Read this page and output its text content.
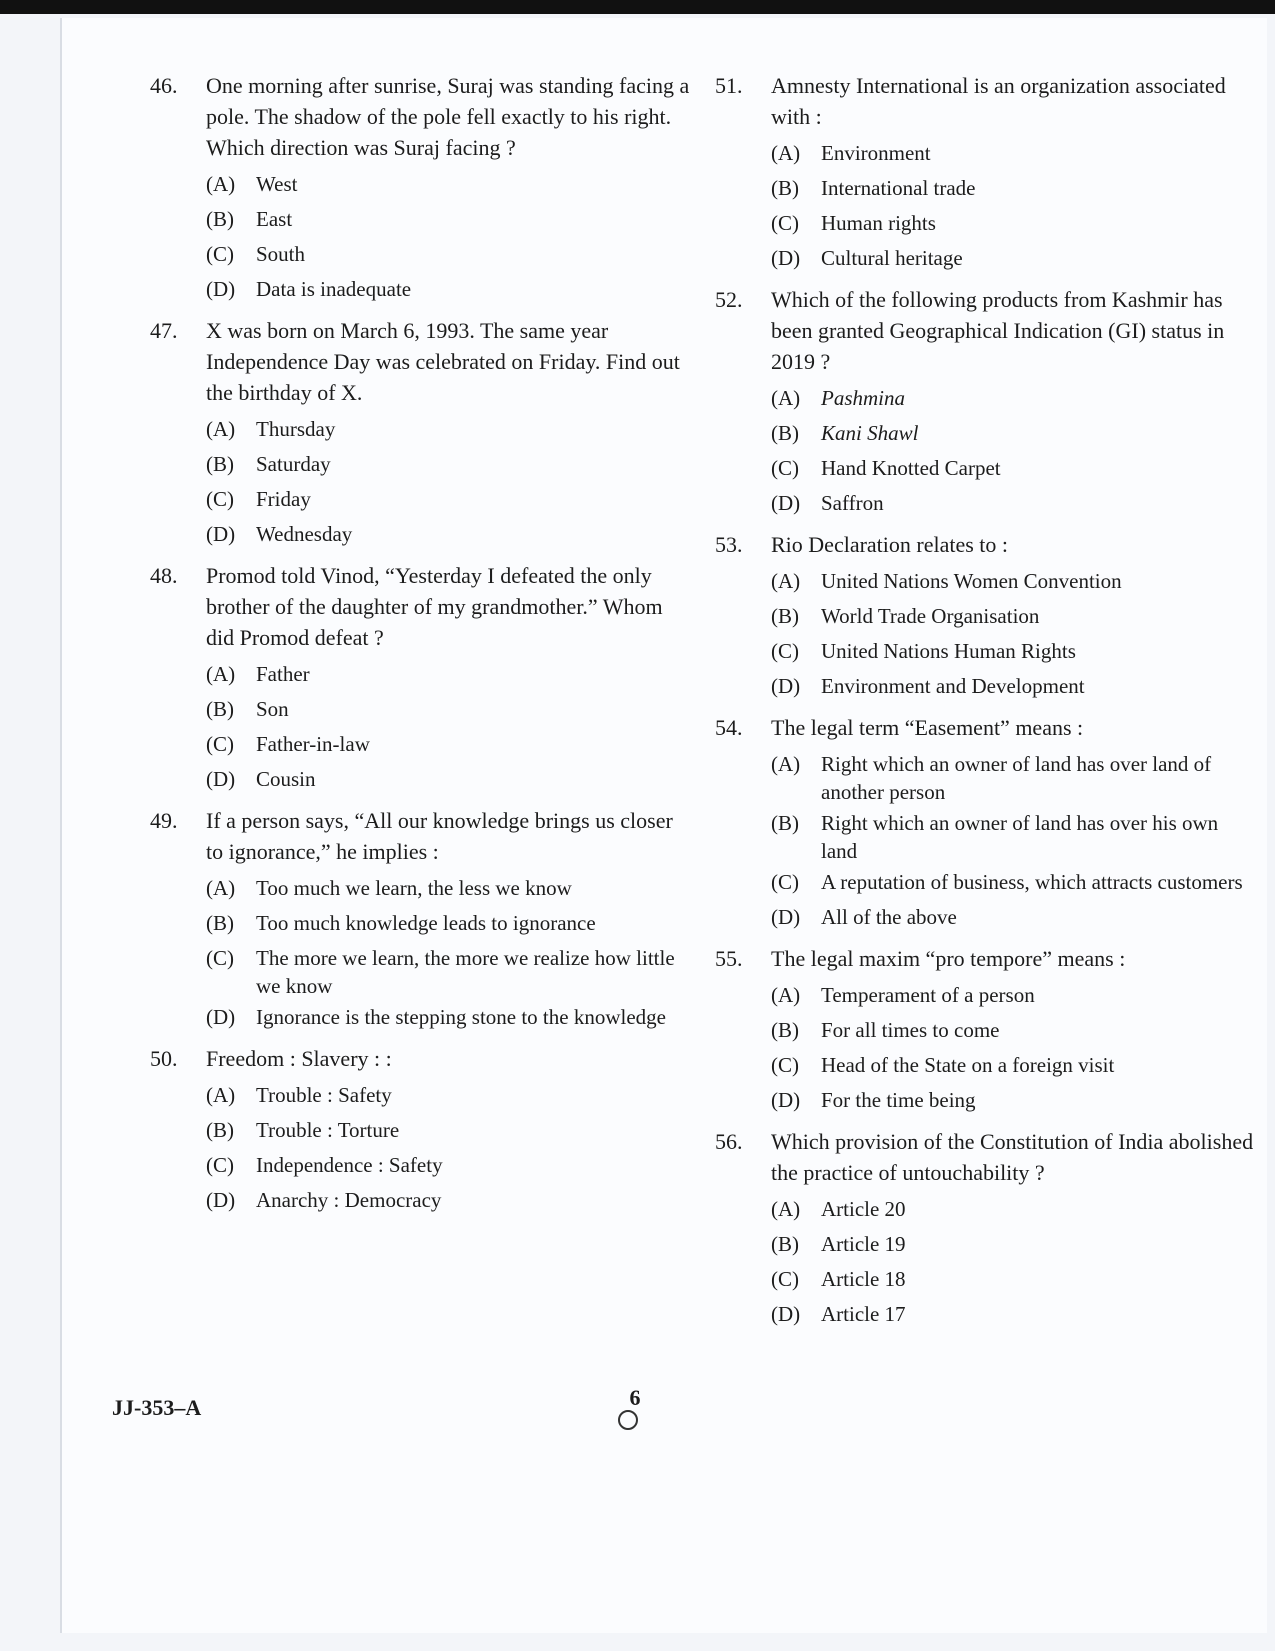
46.	One morning after sunrise, Suraj was standing facing a pole. The shadow of the pole fell exactly to his right. Which direction was Suraj facing ?
(A) West
(B)	East
(C)	South
(D) Data is inadequate
47.	X was born on March 6, 1993. The same year Independence Day was celebrated on Friday. Find out the birthday of X.
(A) Thursday
(B)	Saturday
(C)	Friday
(D) Wednesday
48.	Promod told Vinod, “Yesterday I defeated the only brother of the daughter of my grandmother.” Whom did Promod defeat ?
(A) Father
(B)	Son
(C)	Father-in-law
(D) Cousin
49.	If a person says, “All our knowledge brings us closer to ignorance,” he implies :
(A) Too much we learn, the less we know
(B)	Too much knowledge leads to ignorance
(C)	The more we learn, the more we realize how little we know
(D) Ignorance is the stepping stone to the knowledge
50.	Freedom : Slavery : :
(A) Trouble : Safety
(B)	Trouble : Torture
(C)	Independence : Safety
(D) Anarchy : Democracy
51.	Amnesty International is an organization associated with :
(A) Environment
(B)	International trade
(C)	Human rights
(D) Cultural heritage
52.	Which of the following products from Kashmir has been granted Geographical Indication (GI) status in 2019 ?
(A) Pashmina
(B)	Kani Shawl
(C)	Hand Knotted Carpet
(D) Saffron
53.	Rio Declaration relates to :
(A) United Nations Women Convention
(B)	World Trade Organisation
(C)	United Nations Human Rights
(D) Environment and Development
54.	The legal term “Easement” means :
(A) Right which an owner of land has over land of another person
(B)	Right which an owner of land has over his own land
(C)	A reputation of business, which attracts customers
(D) All of the above
55.	The legal maxim “pro tempore” means :
(A) Temperament of a person
(B)	For all times to come
(C)	Head of the State on a foreign visit
(D) For the time being
56.	Which provision of the Constitution of India abolished the practice of untouchability ?
(A) Article 20
(B)	Article 19
(C)	Article 18
(D) Article 17
JJ-353–A	6
